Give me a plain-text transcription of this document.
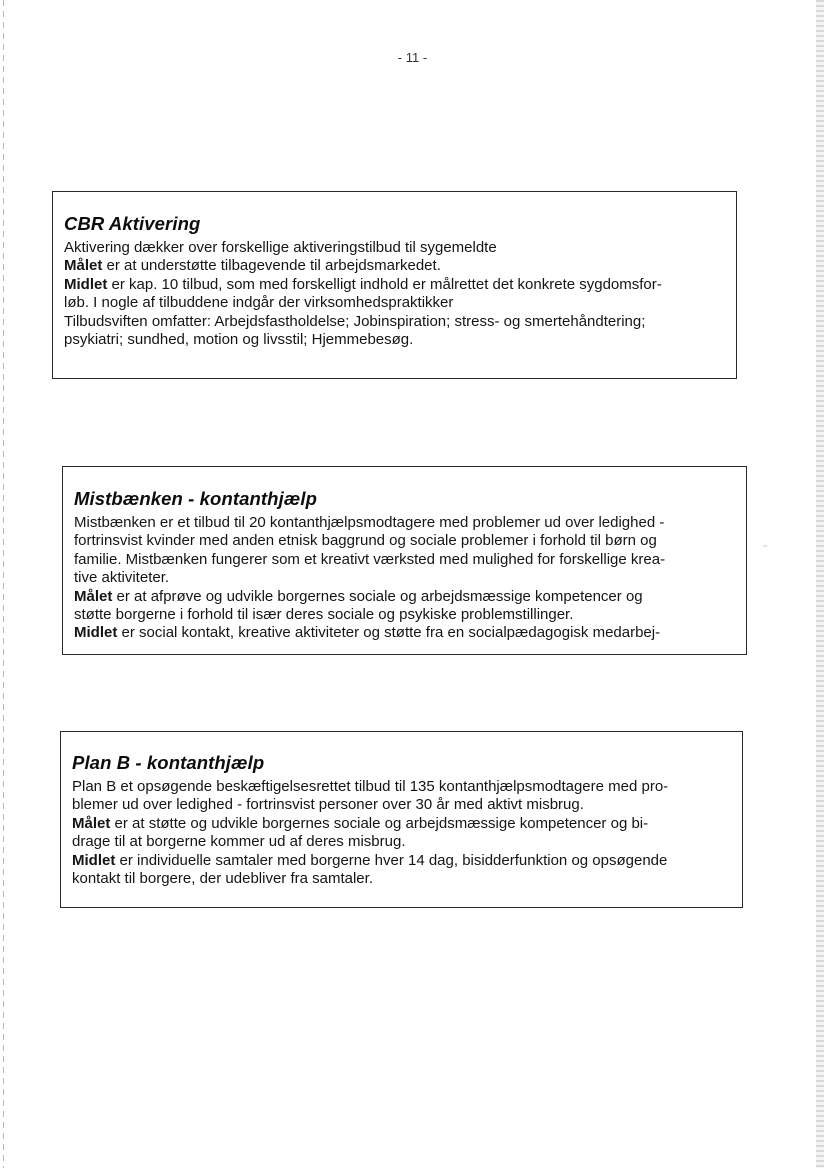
- 11 -
CBR Aktivering

Aktivering dækker over forskellige aktiveringstilbud til sygemeldte

Målet er at understøtte tilbagevende til arbejdsmarkedet.

Midlet er kap. 10 tilbud, som med forskelligt indhold er målrettet det konkrete sygdomsfor-

løb. I nogle af tilbuddene indgår der virksomhedspraktikker

Tilbudsviften omfatter: Arbejdsfastholdelse; Jobinspiration; stress- og smertehåndtering;

psykiatri; sundhed, motion og livsstil; Hjemmebesøg.

⌃
Mistbænken - kontanthjælp

Mistbænken er et tilbud til 20 kontanthjælpsmodtagere med problemer ud over ledighed -

fortrinsvist kvinder med anden etnisk baggrund og sociale problemer i forhold til børn og

familie. Mistbænken fungerer som et kreativt værksted med mulighed for forskellige krea-

tive aktiviteter.

Målet er at afprøve og udvikle borgernes sociale og arbejdsmæssige kompetencer og

støtte borgerne i forhold til især deres sociale og psykiske problemstillinger.

Midlet er social kontakt, kreative aktiviteter og støtte fra en socialpædagogisk medarbej-

Plan B - kontanthjælp

Plan B et opsøgende beskæftigelsesrettet tilbud til 135 kontanthjælpsmodtagere med pro-

blemer ud over ledighed - fortrinsvist personer over 30 år med aktivt misbrug.

Målet er at støtte og udvikle borgernes sociale og arbejdsmæssige kompetencer og bi-

drage til at borgerne kommer ud af deres misbrug.

Midlet er individuelle samtaler med borgerne hver 14 dag, bisidderfunktion og opsøgende

kontakt til borgere, der udebliver fra samtaler.
